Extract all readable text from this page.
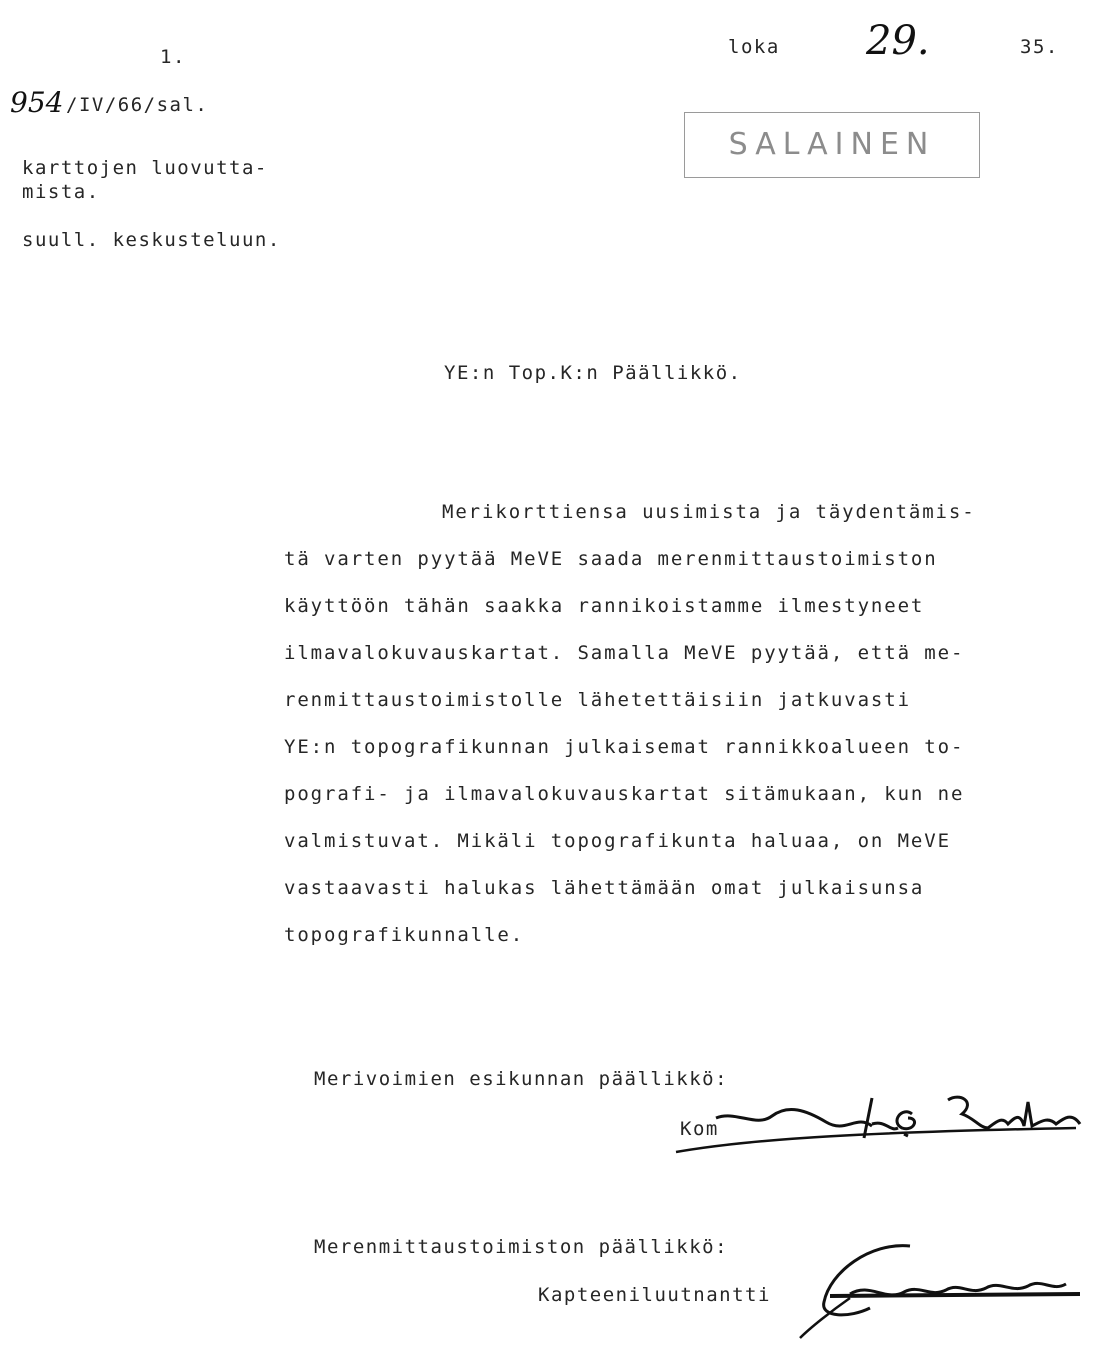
1.
954 /IV/66/sal.
loka 29.	35.
SALAINEN
karttojen luovutta-
mista.
suull. keskusteluun.
YE:n Top.K:n Päällikkö.
Merikorttiensa uusimista ja täydentämis-
tä varten pyytää MeVE saada merenmittaustoimiston
käyttöön tähän saakka rannikoistamme ilmestyneet
ilmavalokuvauskartat. Samalla MeVE pyytää, että me-
renmittaustoimistolle lähetettäisiin jatkuvasti
YE:n topografikunnan julkaisemat rannikkoalueen to-
pografi- ja ilmavalokuvauskartat sitämukaan, kun ne
valmistuvat. Mikäli topografikunta haluaa, on MeVE
vastaavasti halukas lähettämään omat julkaisunsa
topografikunnalle.
Merivoimien esikunnan päällikkö:
Kom
Merenmittaustoimiston päällikkö:
Kapteeniluutnantti
